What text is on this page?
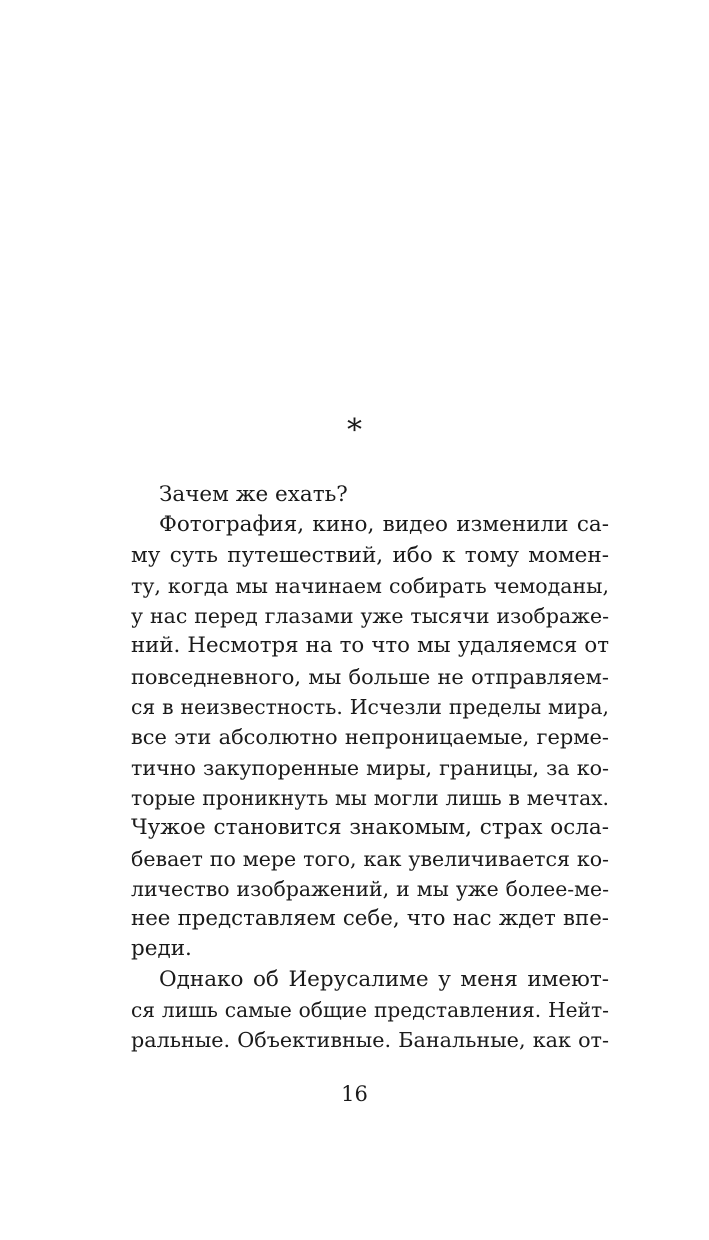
*
Зачем же ехать?
Фотография, кино, видео изменили са-
му суть путешествий, ибо к тому момен-
ту, когда мы начинаем собирать чемоданы,
у нас перед глазами уже тысячи изображе-
ний. Несмотря на то что мы удаляемся от
повседневного, мы больше не отправляем-
ся в неизвестность. Исчезли пределы мира,
все эти абсолютно непроницаемые, герме-
тично закупоренные миры, границы, за ко-
торые проникнуть мы могли лишь в мечтах.
Чужое становится знакомым, страх осла-
бевает по мере того, как увеличивается ко-
личество изображений, и мы уже более-ме-
нее представляем себе, что нас ждет впе-
реди.
Однако об Иерусалиме у меня имеют-
ся лишь самые общие представления. Нейт-
ральные. Объективные. Банальные, как от-
16
